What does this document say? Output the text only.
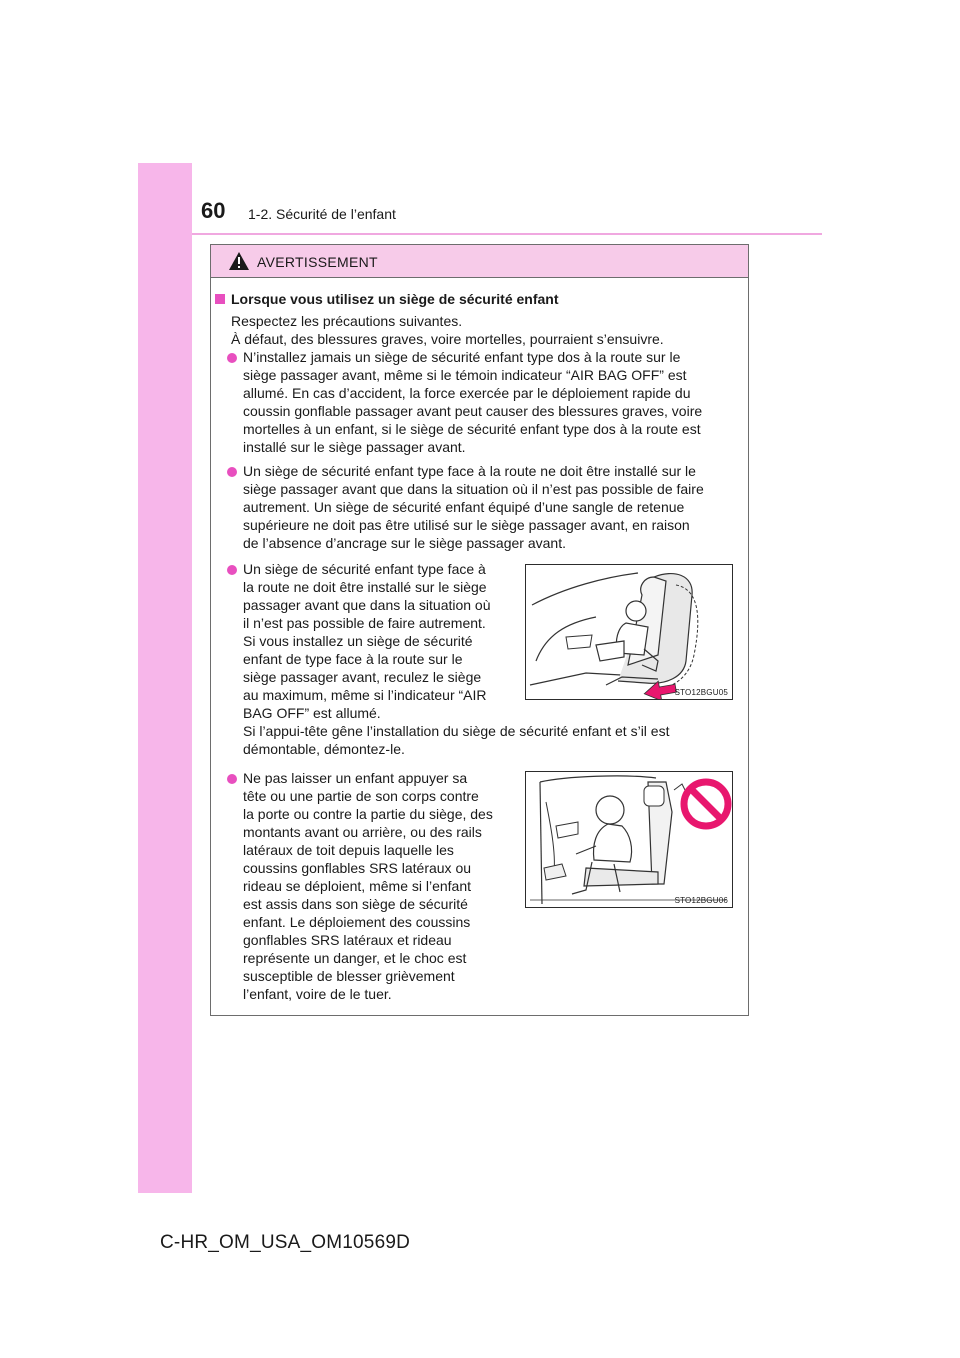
60 1-2. Sécurité de l’enfant
AVERTISSEMENT
Lorsque vous utilisez un siège de sécurité enfant
Respectez les précautions suivantes.
À défaut, des blessures graves, voire mortelles, pourraient s’ensuivre.
N’installez jamais un siège de sécurité enfant type dos à la route sur le
siège passager avant, même si le témoin indicateur “AIR BAG OFF” est
allumé. En cas d’accident, la force exercée par le déploiement rapide du
coussin gonflable passager avant peut causer des blessures graves, voire
mortelles à un enfant, si le siège de sécurité enfant type dos à la route est
installé sur le siège passager avant.
Un siège de sécurité enfant type face à la route ne doit être installé sur le
siège passager avant que dans la situation où il n’est pas possible de faire
autrement. Un siège de sécurité enfant équipé d’une sangle de retenue
supérieure ne doit pas être utilisé sur le siège passager avant, en raison
de l’absence d’ancrage sur le siège passager avant.
Un siège de sécurité enfant type face à
la route ne doit être installé sur le siège
passager avant que dans la situation où
il n’est pas possible de faire autrement.
Si vous installez un siège de sécurité
enfant de type face à la route sur le
siège passager avant, reculez le siège
au maximum, même si l’indicateur “AIR
BAG OFF” est allumé.
Si l’appui-tête gêne l’installation du siège de sécurité enfant et s’il est
démontable, démontez-le.
STO12BGU05
Ne pas laisser un enfant appuyer sa
tête ou une partie de son corps contre
la porte ou contre la partie du siège, des
montants avant ou arrière, ou des rails
latéraux de toit depuis laquelle les
coussins gonflables SRS latéraux ou
rideau se déploient, même si l’enfant
est assis dans son siège de sécurité
enfant. Le déploiement des coussins
gonflables SRS latéraux et rideau
représente un danger, et le choc est
susceptible de blesser grièvement
l’enfant, voire de le tuer.
STO12BGU06
C-HR_OM_USA_OM10569D
